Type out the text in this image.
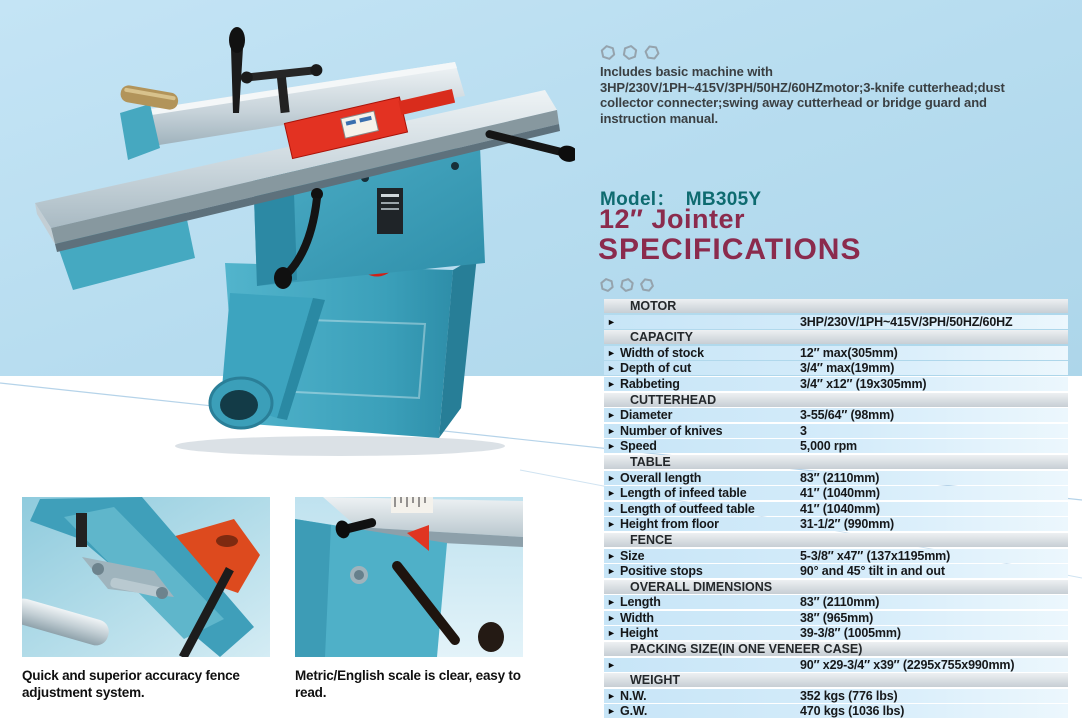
Quick and superior accuracy fence
adjustment system.
Metric/English scale is clear, easy to
read.
Includes basic machine with
3HP/230V/1PH~415V/3PH/50HZ/60HZmotor;3-knife cutterhead;dust
collector connecter;swing away cutterhead or bridge guard and
instruction manual.
Model： MB305Y
12″ Jointer
SPECIFICATIONS
MOTOR
►	3HP/230V/1PH~415V/3PH/50HZ/60HZ
CAPACITY
► Width of stock	12″ max(305mm)
► Depth of cut	3/4″ max(19mm)
► Rabbeting	3/4″ x12″ (19x305mm)
CUTTERHEAD
► Diameter	3-55/64″ (98mm)
► Number of knives	3
► Speed	5,000 rpm
TABLE
► Overall length	83″ (2110mm)
► Length of infeed table	41″ (1040mm)
► Length of outfeed table	41″ (1040mm)
► Height from floor	31-1/2″ (990mm)
FENCE
► Size	5-3/8″ x47″ (137x1195mm)
► Positive stops	90° and 45° tilt in and out
OVERALL DIMENSIONS
► Length	83″ (2110mm)
► Width	38″ (965mm)
► Height	39-3/8″ (1005mm)
PACKING SIZE(IN ONE VENEER CASE)
►	90″ x29-3/4″ x39″ (2295x755x990mm)
WEIGHT
► N.W.	352 kgs (776 lbs)
► G.W.	470 kgs (1036 lbs)
